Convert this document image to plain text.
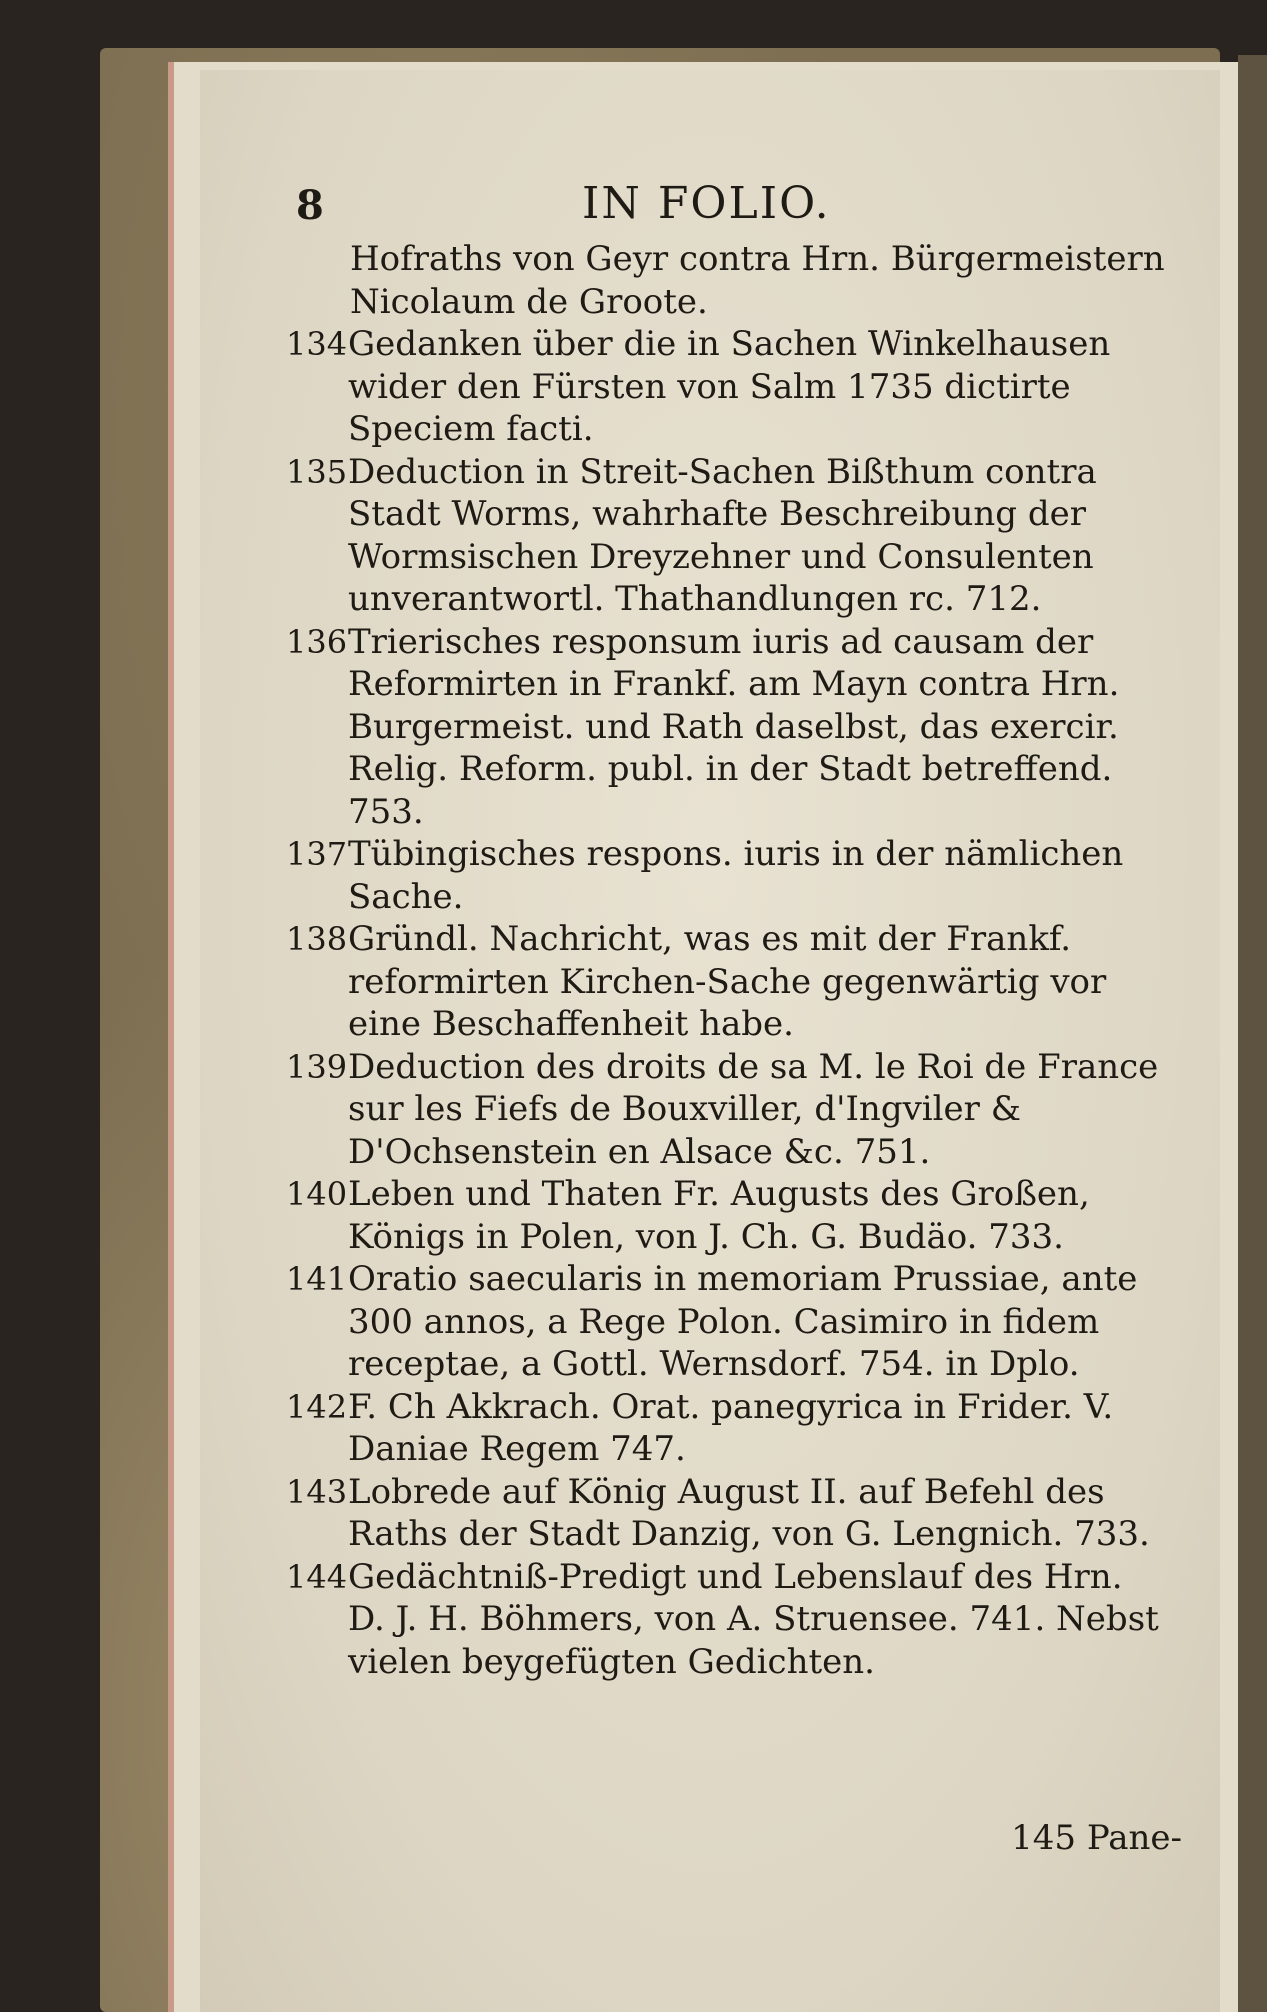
8	IN FOLIO.
Hofraths von Geyr contra Hrn. Bürgermeistern Nicolaum de Groote.
134 Gedanken über die in Sachen Winkelhausen wider den Fürsten von Salm 1735 dictirte Speciem facti.
135 Deduction in Streit-Sachen Bißthum contra Stadt Worms, wahrhafte Beschreibung der Wormsischen Dreyzehner und Consulenten unverantwortl. Thathandlungen rc. 712.
136 Trierisches responsum iuris ad causam der Reformirten in Frankf. am Mayn contra Hrn. Burgermeist. und Rath daselbst, das exercir. Relig. Reform. publ. in der Stadt betreffend. 753.
137 Tübingisches respons. iuris in der nämlichen Sache.
138 Gründl. Nachricht, was es mit der Frankf. reformirten Kirchen-Sache gegenwärtig vor eine Beschaffenheit habe.
139 Deduction des droits de sa M. le Roi de France sur les Fiefs de Bouxviller, d'Ingviler & D'Ochsenstein en Alsace &c. 751.
140 Leben und Thaten Fr. Augusts des Großen, Königs in Polen, von J. Ch. G. Budäo. 733.
141 Oratio saecularis in memoriam Prussiae, ante 300 annos, a Rege Polon. Casimiro in fidem receptae, a Gottl. Wernsdorf. 754. in Dplo.
142 F. Ch Akkrach. Orat. panegyrica in Frider. V. Daniae Regem 747.
143 Lobrede auf König August II. auf Befehl des Raths der Stadt Danzig, von G. Lengnich. 733.
144 Gedächtniß-Predigt und Lebenslauf des Hrn. D. J. H. Böhmers, von A. Struensee. 741. Nebst vielen beygefügten Gedichten.
145 Pane-
